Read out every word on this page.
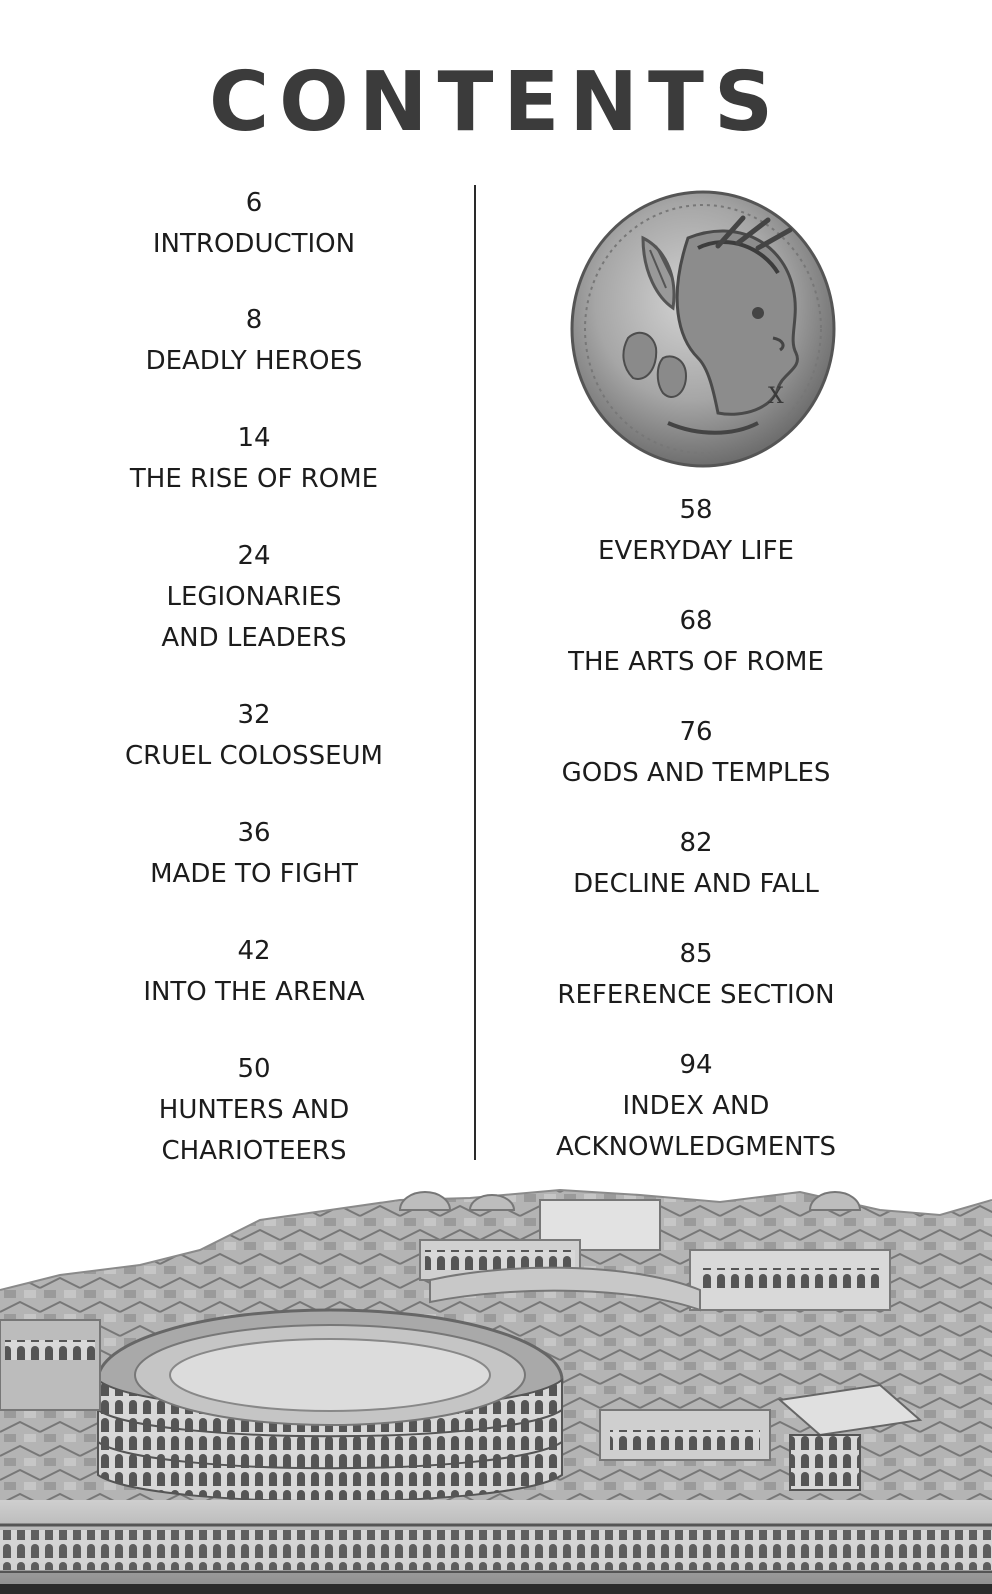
CONTENTS
6
INTRODUCTION
8
DEADLY HEROES
14
THE RISE OF ROME
24
LEGIONARIES
AND LEADERS
32
CRUEL COLOSSEUM
36
MADE TO FIGHT
42
INTO THE ARENA
50
HUNTERS AND
CHARIOTEERS
X
58
EVERYDAY LIFE
68
THE ARTS OF ROME
76
GODS AND TEMPLES
82
DECLINE AND FALL
85
REFERENCE SECTION
94
INDEX AND
ACKNOWLEDGMENTS
